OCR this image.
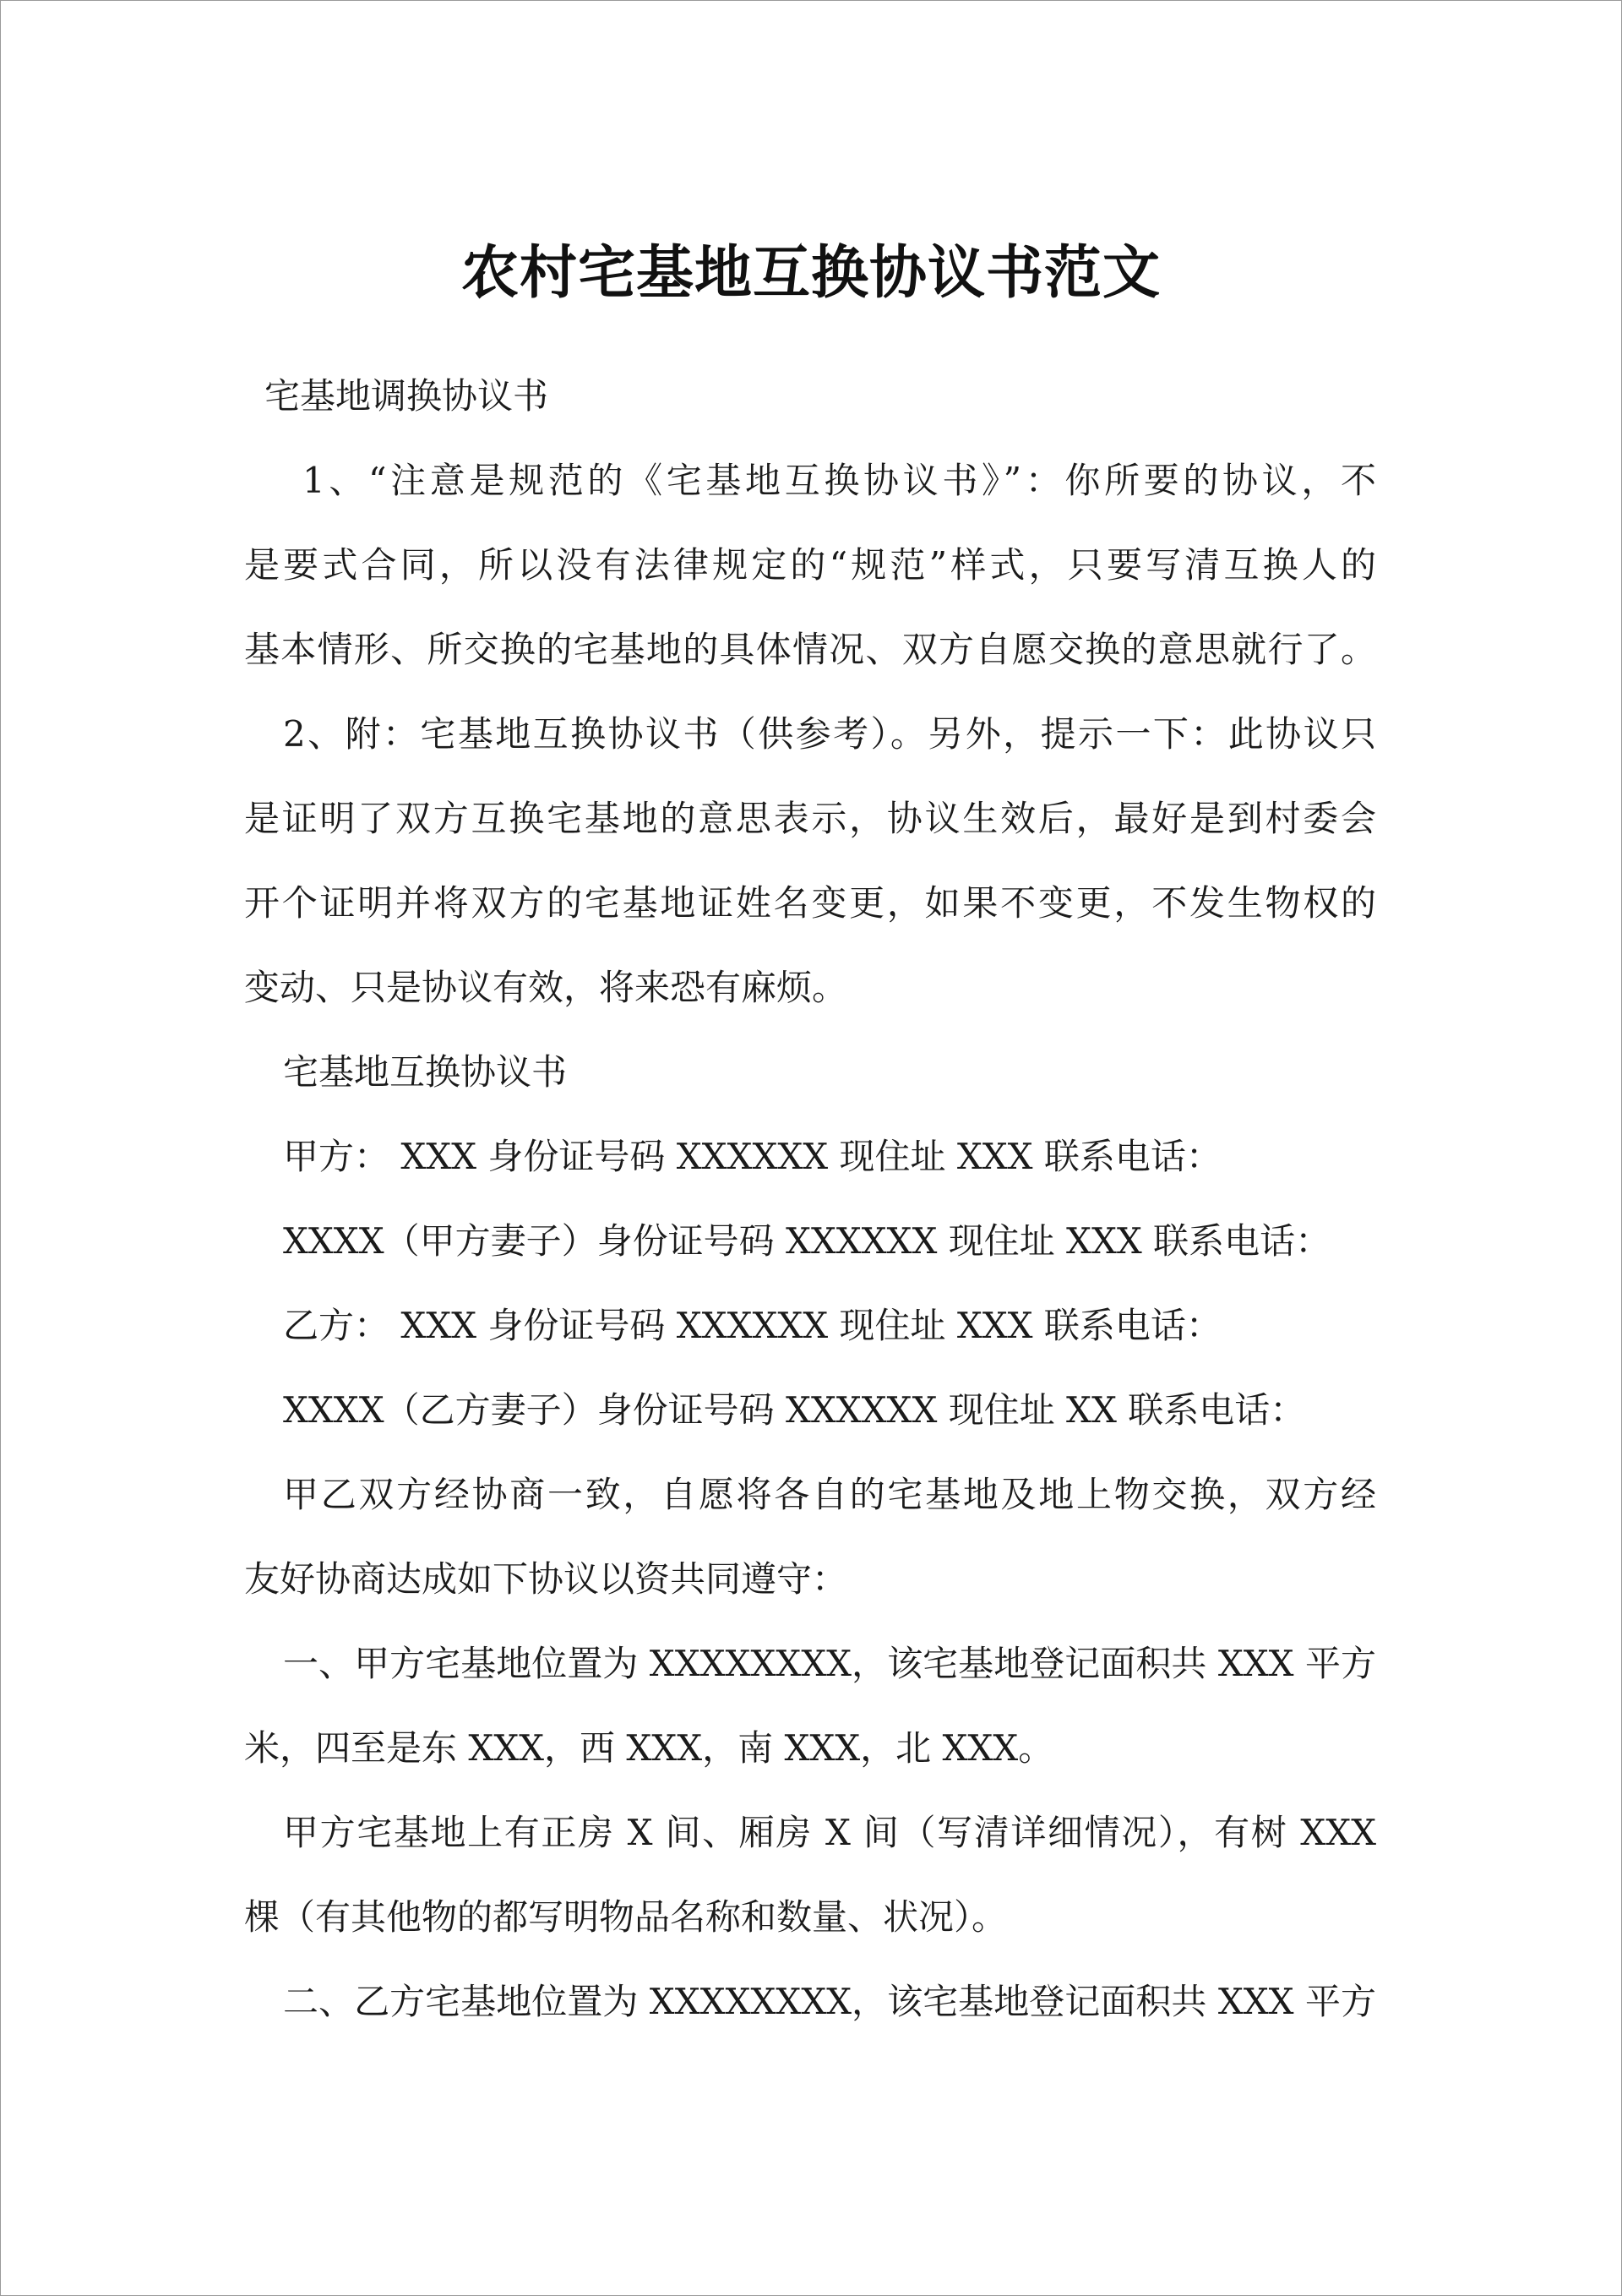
农村宅基地互换协议书范文
宅基地调换协议书
1、“注意是规范的《宅基地互换协议书》”：你所要的协议，不
是要式合同，所以没有法律规定的“规范”样式，只要写清互换人的
基本情形、所交换的宅基地的具体情况、双方自愿交换的意思就行了。
2、附：宅基地互换协议书（供参考）。另外，提示一下：此协议只
是证明了双方互换宅基地的意思表示，协议生效后，最好是到村委会
开个证明并将双方的宅基地证姓名变更，如果不变更，不发生物权的
变动、只是协议有效，将来恐有麻烦。
宅基地互换协议书
甲方： XXX 身份证号码 XXXXXX 现住址 XXX 联系电话：
XXXX（甲方妻子）身份证号码 XXXXXX 现住址 XXX 联系电话：
乙方： XXX 身份证号码 XXXXXX 现住址 XXX 联系电话：
XXXX（乙方妻子）身份证号码 XXXXXX 现住址 XX 联系电话：
甲乙双方经协商一致，自愿将各自的宅基地及地上物交换，双方经
友好协商达成如下协议以资共同遵守：
一、甲方宅基地位置为 XXXXXXXX，该宅基地登记面积共 XXX 平方
米，四至是东 XXX，西 XXX，南 XXX，北 XXX。
甲方宅基地上有正房 X 间、厢房 X 间（写清详细情况），有树 XXX
棵（有其他物的都写明物品名称和数量、状况）。
二、乙方宅基地位置为 XXXXXXXX，该宅基地登记面积共 XXX 平方
